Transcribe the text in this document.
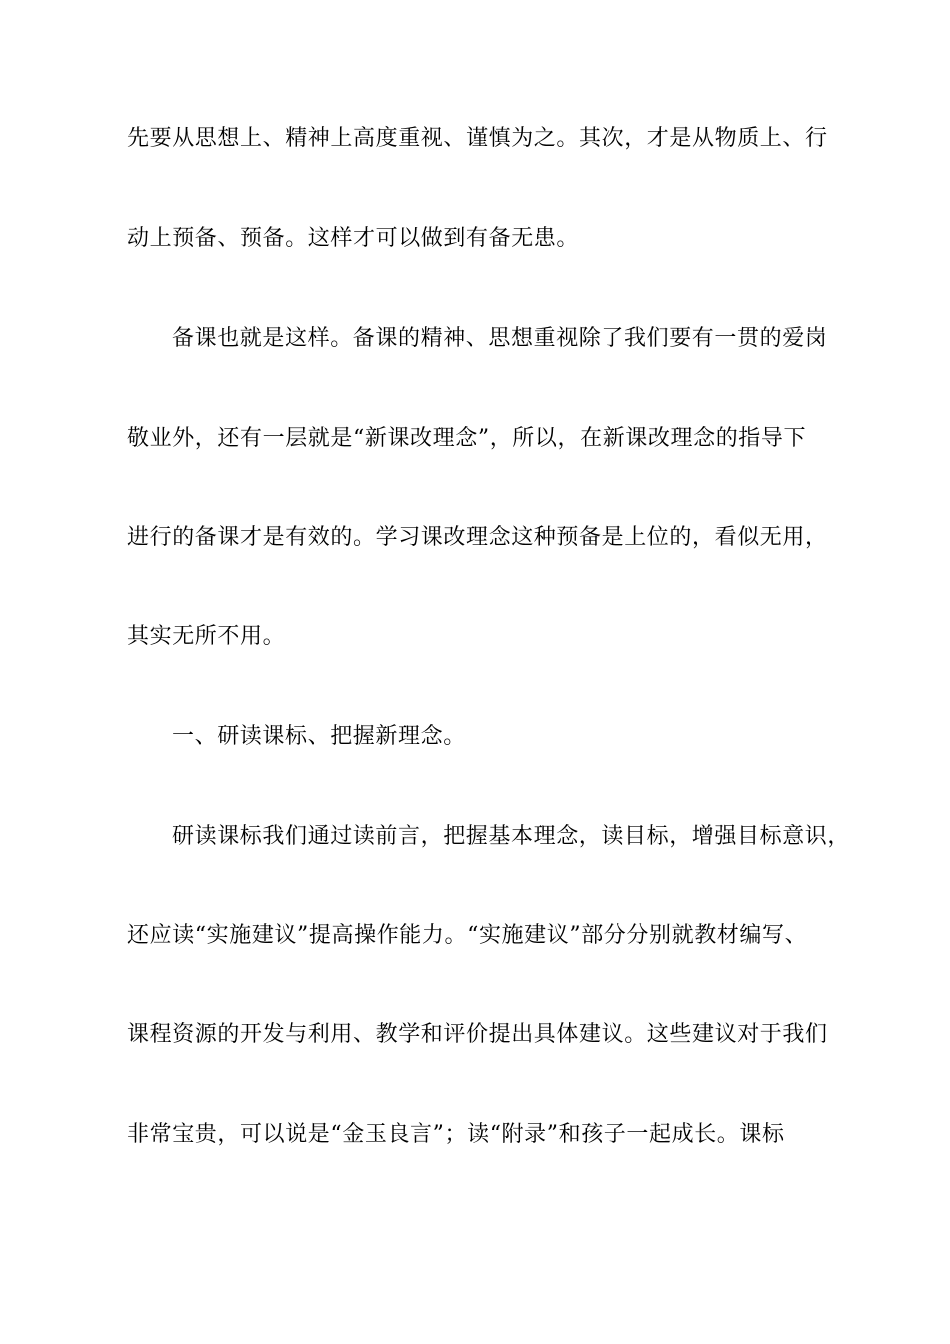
先要从思想上、精神上高度重视、谨慎为之。其次，才是从物质上、行
动上预备、预备。这样才可以做到有备无患。
备课也就是这样。备课的精神、思想重视除了我们要有一贯的爱岗
敬业外，还有一层就是“新课改理念”，所以，在新课改理念的指导下
进行的备课才是有效的。学习课改理念这种预备是上位的，看似无用，
其实无所不用。
一、研读课标、把握新理念。
研读课标我们通过读前言，把握基本理念，读目标，增强目标意识，
还应读“实施建议”提高操作能力。“实施建议”部分分别就教材编写、
课程资源的开发与利用、教学和评价提出具体建议。这些建议对于我们
非常宝贵，可以说是“金玉良言”；读“附录”和孩子一起成长。课标
